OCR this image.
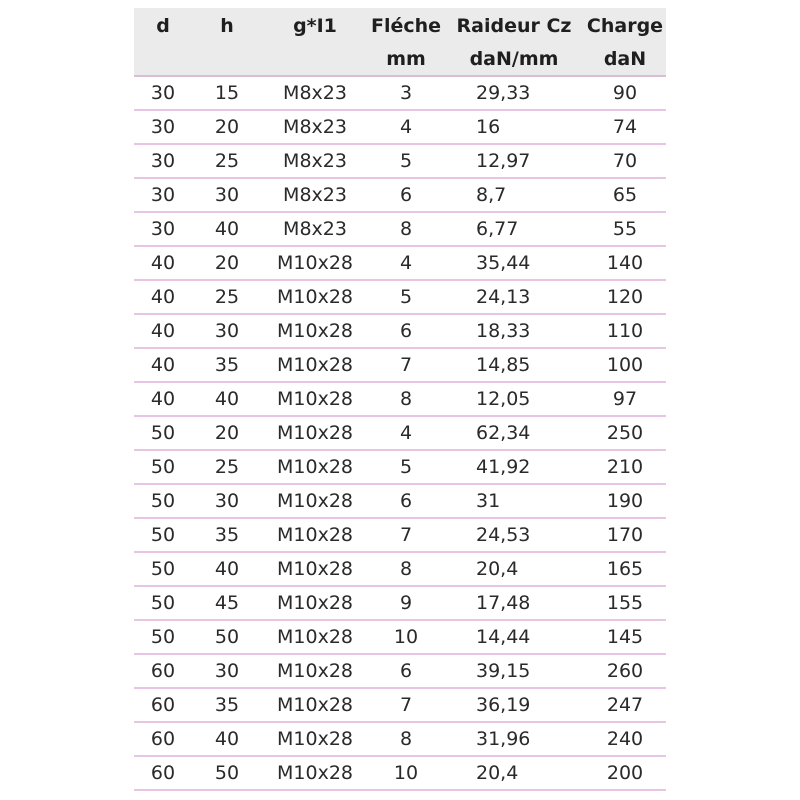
d	h	g*I1	Fléche	Raideur Cz	Charge
			mm	daN/mm	daN
30	15	M8x23	3	29,33	90
30	20	M8x23	4	16	74
30	25	M8x23	5	12,97	70
30	30	M8x23	6	8,7	65
30	40	M8x23	8	6,77	55
40	20	M10x28	4	35,44	140
40	25	M10x28	5	24,13	120
40	30	M10x28	6	18,33	110
40	35	M10x28	7	14,85	100
40	40	M10x28	8	12,05	97
50	20	M10x28	4	62,34	250
50	25	M10x28	5	41,92	210
50	30	M10x28	6	31	190
50	35	M10x28	7	24,53	170
50	40	M10x28	8	20,4	165
50	45	M10x28	9	17,48	155
50	50	M10x28	10	14,44	145
60	30	M10x28	6	39,15	260
60	35	M10x28	7	36,19	247
60	40	M10x28	8	31,96	240
60	50	M10x28	10	20,4	200
